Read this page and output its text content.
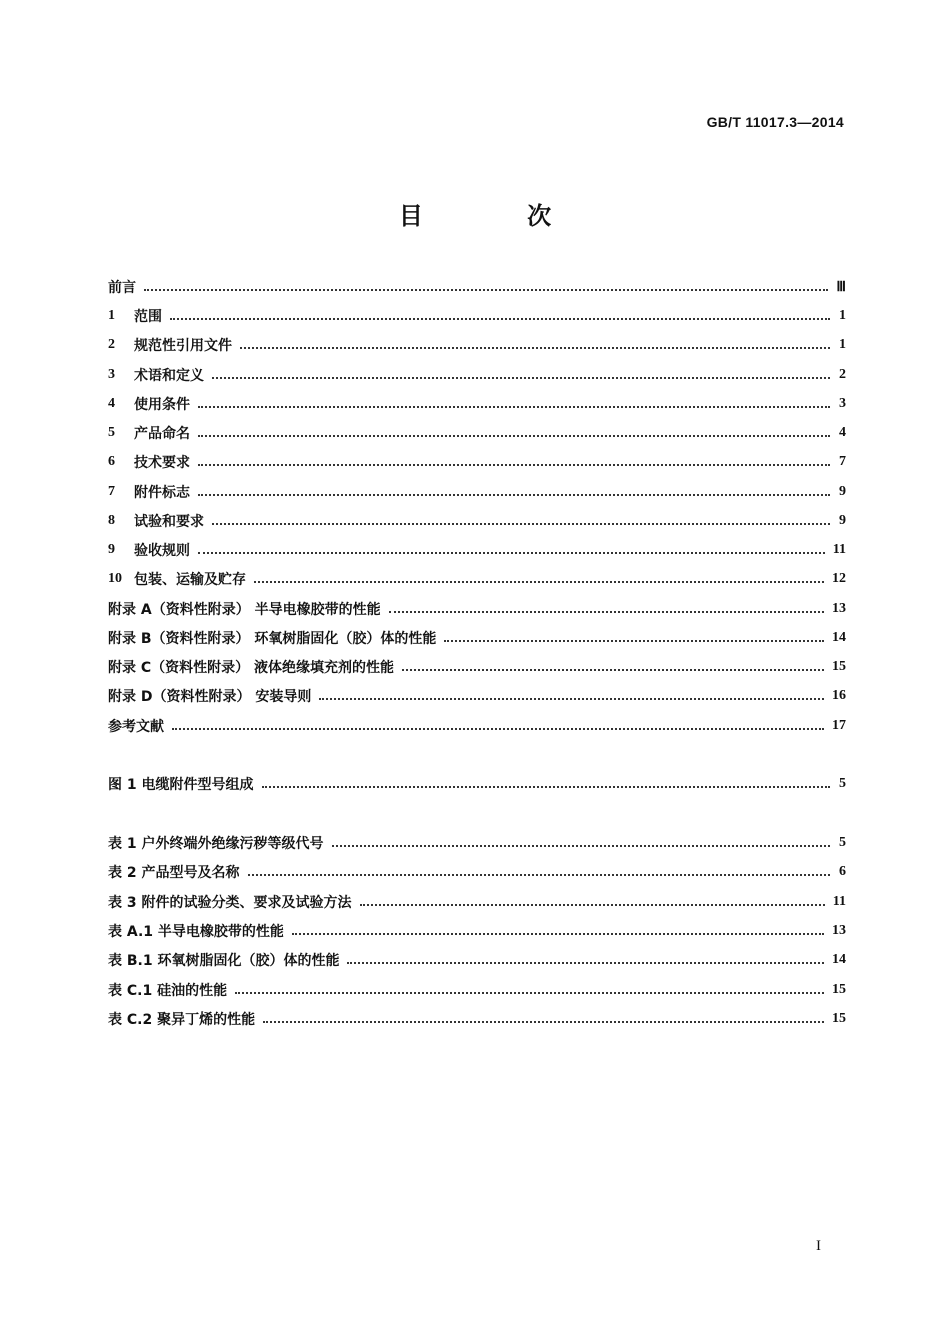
GB/T 11017.3—2014
目 次
前言	Ⅲ
1	范围	1
2	规范性引用文件	1
3	术语和定义	2
4	使用条件	3
5	产品命名	4
6	技术要求	7
7	附件标志	9
8	试验和要求	9
9	验收规则	11
10 包装、运输及贮存	12
附录 A（资料性附录） 半导电橡胶带的性能	13
附录 B（资料性附录） 环氧树脂固化（胶）体的性能	14
附录 C（资料性附录） 液体绝缘填充剂的性能	15
附录 D（资料性附录） 安装导则	16
参考文献	17
图 1 电缆附件型号组成	5
表 1 户外终端外绝缘污秽等级代号	5
表 2 产品型号及名称	6
表 3 附件的试验分类、要求及试验方法	11
表 A.1 半导电橡胶带的性能	13
表 B.1 环氧树脂固化（胶）体的性能	14
表 C.1 硅油的性能	15
表 C.2 聚异丁烯的性能	15
I
